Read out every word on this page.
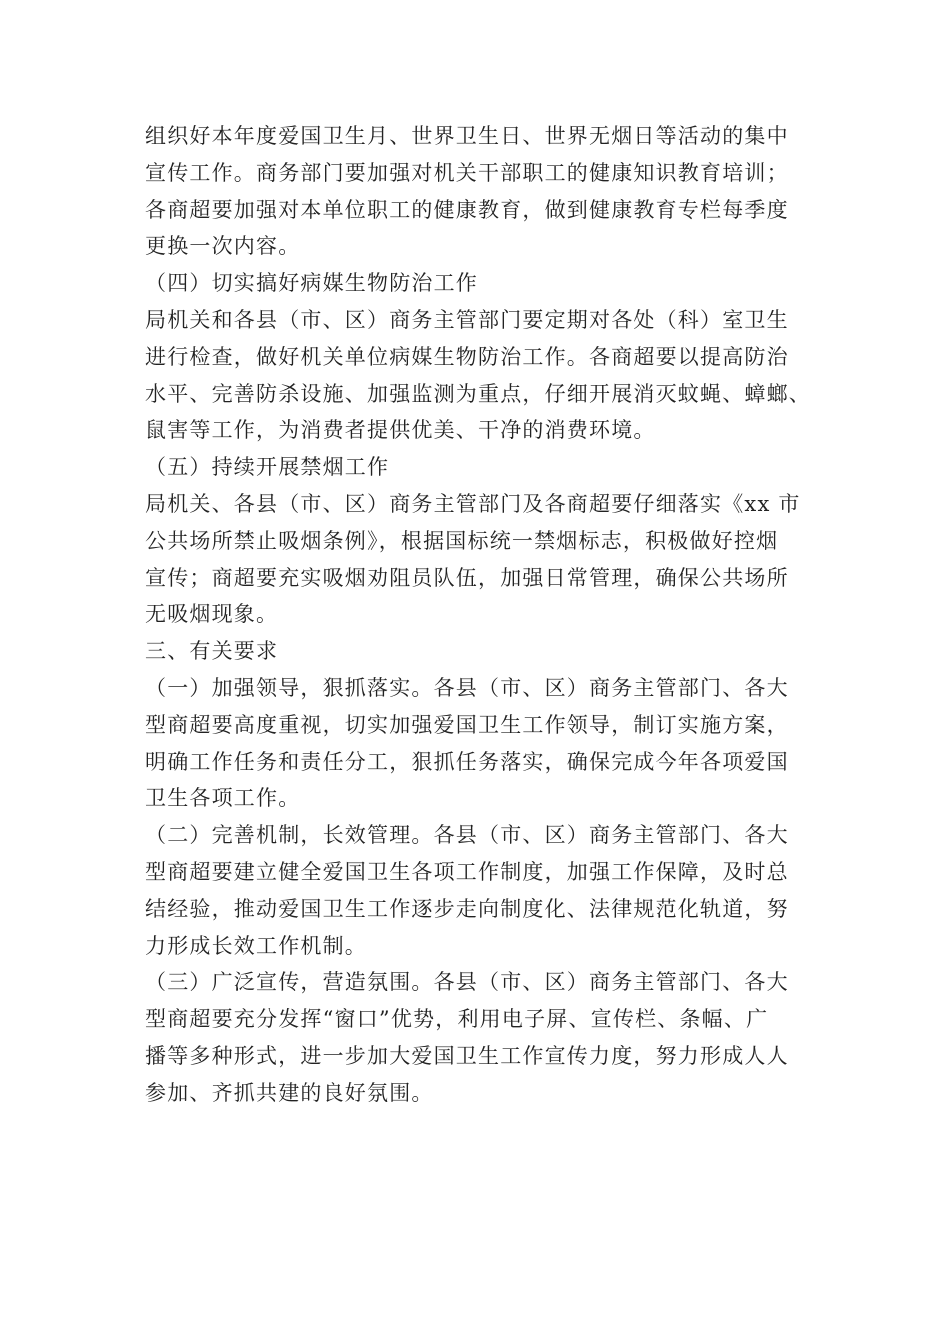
组织好本年度爱国卫生月、世界卫生日、世界无烟日等活动的集中
宣传工作。商务部门要加强对机关干部职工的健康知识教育培训；
各商超要加强对本单位职工的健康教育，做到健康教育专栏每季度
更换一次内容。
（四）切实搞好病媒生物防治工作
局机关和各县（市、区）商务主管部门要定期对各处（科）室卫生
进行检查，做好机关单位病媒生物防治工作。各商超要以提高防治
水平、完善防杀设施、加强监测为重点，仔细开展消灭蚊蝇、蟑螂、
鼠害等工作，为消费者提供优美、干净的消费环境。
（五）持续开展禁烟工作
局机关、各县（市、区）商务主管部门及各商超要仔细落实《xx 市
公共场所禁止吸烟条例》，根据国标统一禁烟标志，积极做好控烟
宣传；商超要充实吸烟劝阻员队伍，加强日常管理，确保公共场所
无吸烟现象。
三、有关要求
（一）加强领导，狠抓落实。各县（市、区）商务主管部门、各大
型商超要高度重视，切实加强爱国卫生工作领导，制订实施方案，
明确工作任务和责任分工，狠抓任务落实，确保完成今年各项爱国
卫生各项工作。
（二）完善机制，长效管理。各县（市、区）商务主管部门、各大
型商超要建立健全爱国卫生各项工作制度，加强工作保障，及时总
结经验，推动爱国卫生工作逐步走向制度化、法律规范化轨道，努
力形成长效工作机制。
（三）广泛宣传，营造氛围。各县（市、区）商务主管部门、各大
型商超要充分发挥“窗口”优势，利用电子屏、宣传栏、条幅、广
播等多种形式，进一步加大爱国卫生工作宣传力度，努力形成人人
参加、齐抓共建的良好氛围。
